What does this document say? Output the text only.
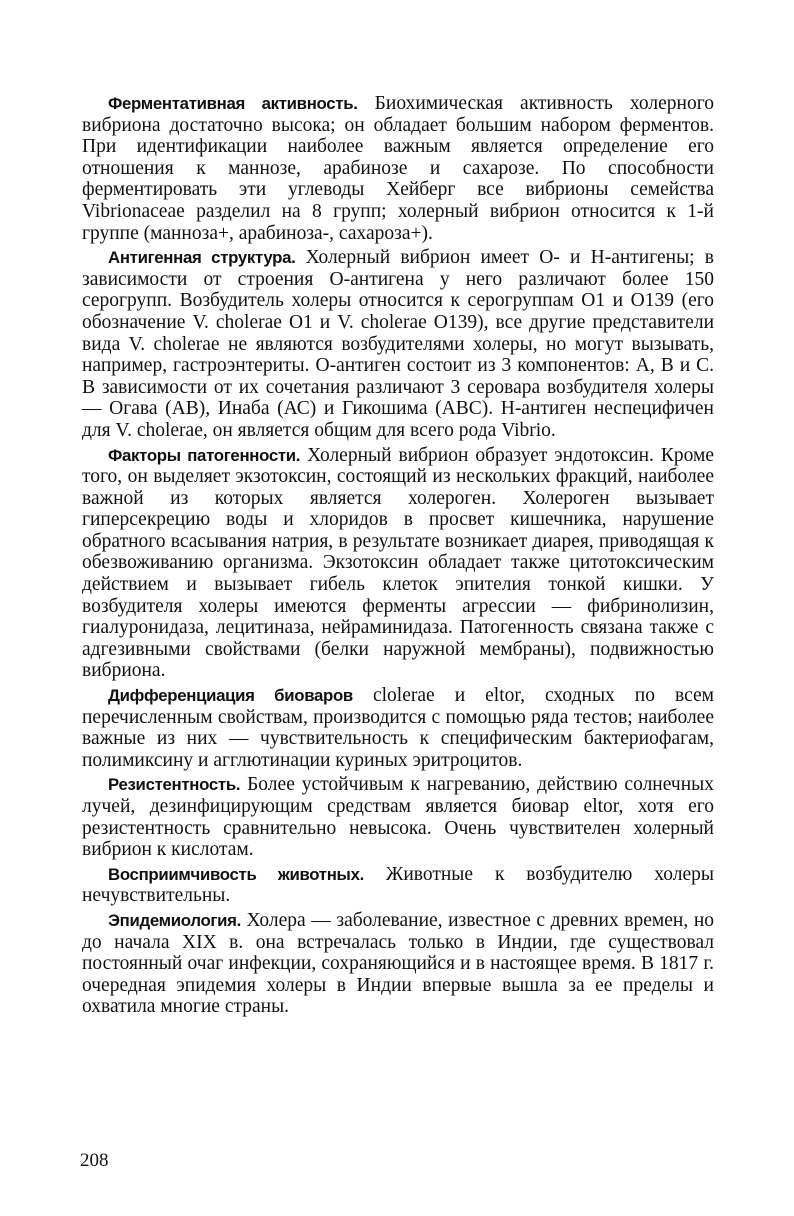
Ферментативная активность. Биохимическая активность холерного вибриона достаточно высока; он обладает большим набором ферментов. При идентификации наиболее важным является определение его отношения к маннозе, арабинозе и сахарозе. По способности ферментировать эти углеводы Хейберг все вибрионы семейства Vibrionaceae разделил на 8 групп; холерный вибрион относится к 1-й группе (манноза+, арабиноза-, сахароза+).

Антигенная структура. Холерный вибрион имеет О- и Н-антигены; в зависимости от строения О-антигена у него различают более 150 серогрупп. Возбудитель холеры относится к серогруппам О1 и О139 (его обозначение V. cholerae О1 и V. cholerae О139), все другие представители вида V. cholerae не являются возбудителями холеры, но могут вызывать, например, гастроэнтериты. О-антиген состоит из 3 компонентов: А, В и С. В зависимости от их сочетания различают 3 серовара возбудителя холеры — Огава (АВ), Инаба (АС) и Гикошима (АВС). Н-антиген неспецифичен для V. cholerae, он является общим для всего рода Vibrio.

Факторы патогенности. Холерный вибрион образует эндотоксин. Кроме того, он выделяет экзотоксин, состоящий из нескольких фракций, наиболее важной из которых является холероген. Холероген вызывает гиперсекрецию воды и хлоридов в просвет кишечника, нарушение обратного всасывания натрия, в результате возникает диарея, приводящая к обезвоживанию организма. Экзотоксин обладает также цитотоксическим действием и вызывает гибель клеток эпителия тонкой кишки. У возбудителя холеры имеются ферменты агрессии — фибринолизин, гиалуронидаза, лецитиназа, нейраминидаза. Патогенность связана также с адгезивными свойствами (белки наружной мембраны), подвижностью вибриона.

Дифференциация биоваров clolerae и eltor, сходных по всем перечисленным свойствам, производится с помощью ряда тестов; наиболее важные из них — чувствительность к специфическим бактериофагам, полимиксину и агглютинации куриных эритроцитов.

Резистентность. Более устойчивым к нагреванию, действию солнечных лучей, дезинфицирующим средствам является биовар eltor, хотя его резистентность сравнительно невысока. Очень чувствителен холерный вибрион к кислотам.

Восприимчивость животных. Животные к возбудителю холеры нечувствительны.

Эпидемиология. Холера — заболевание, известное с древних времен, но до начала XIX в. она встречалась только в Индии, где существовал постоянный очаг инфекции, сохраняющийся и в настоящее время. В 1817 г. очередная эпидемия холеры в Индии впервые вышла за ее пределы и охватила многие страны.

208
